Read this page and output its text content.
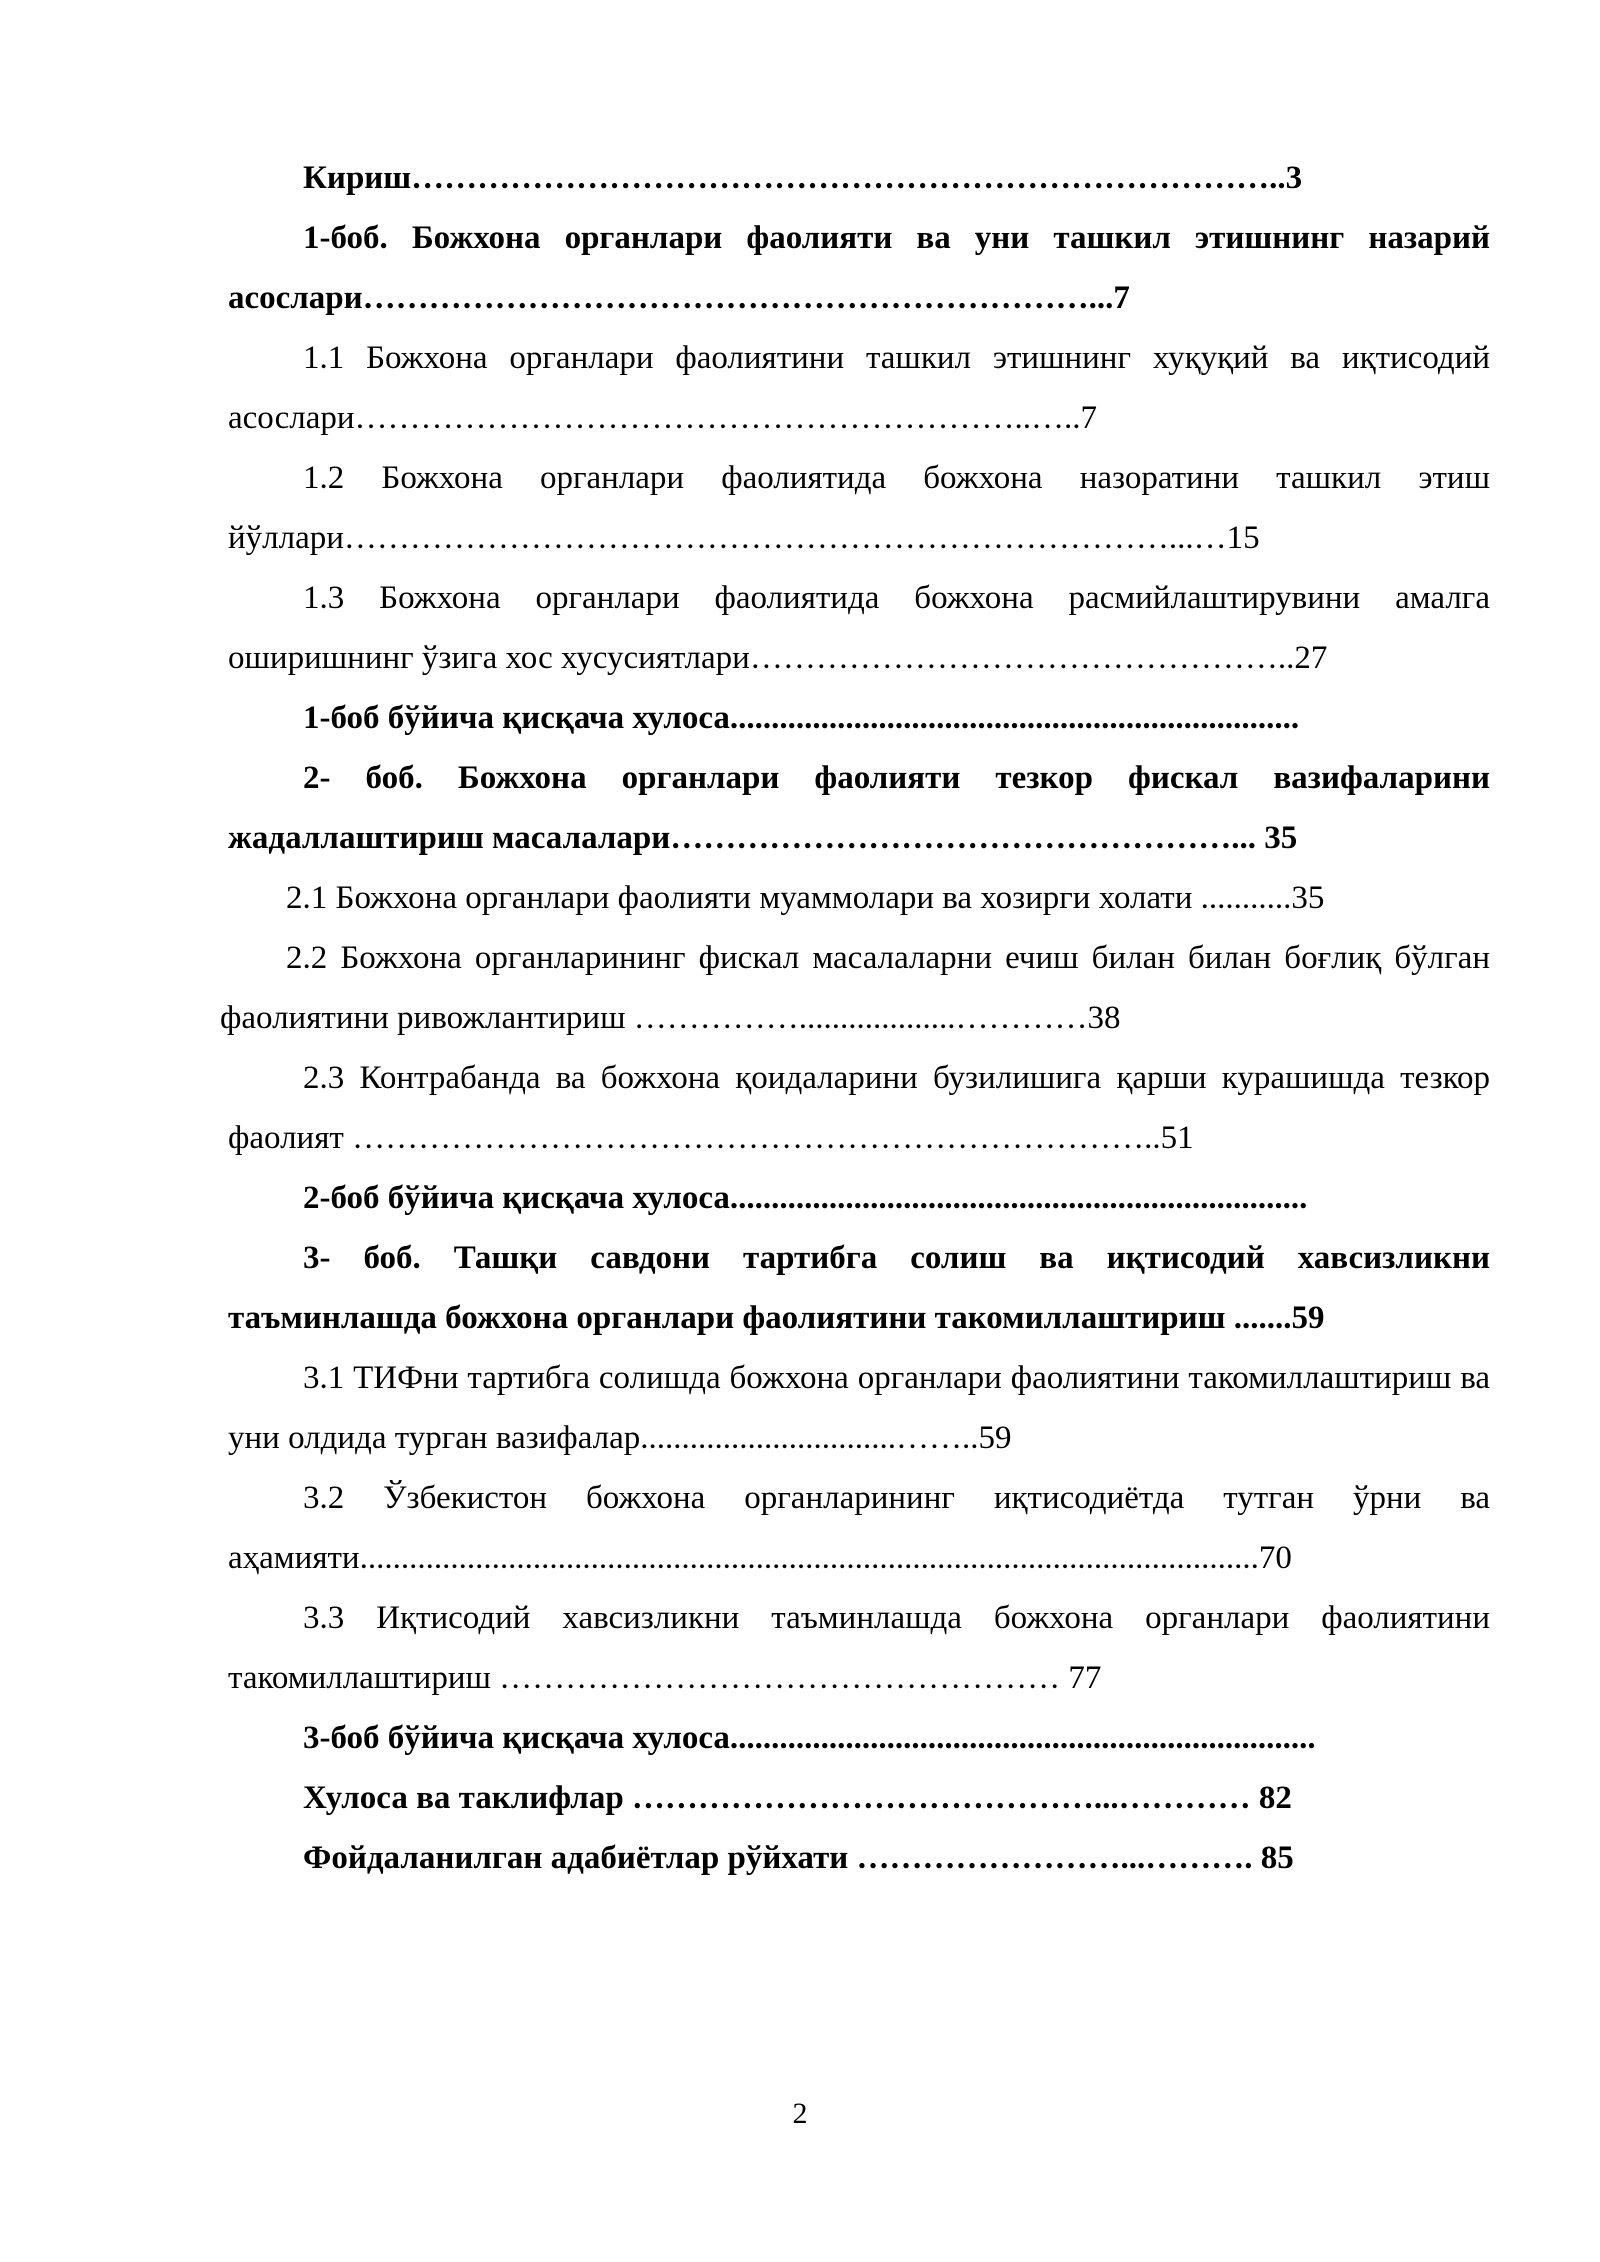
Кириш……………………………………………………………………..3

1-боб. Божхона органлари фаолияти ва уни ташкил этишнинг назарий асослари…………………………………………………………...7

1.1 Божхона органлари фаолиятини ташкил этишнинг хуқуқий ва иқтисодий асослари……………………………………………………..…..7

1.2 Божхона органлари фаолиятида божхона назоратини ташкил этиш йўллари…………………………………………………………………...…15

1.3 Божхона органлари фаолиятида божхона расмийлаштирувини амалга оширишнинг ўзига хос хусусиятлари…………………………………………..27

1-боб бўйича қисқача хулоса.....................................................................

2- боб. Божхона органлари фаолияти тезкор фискал вазифаларини жадаллаштириш масалалари……………………………………………... 35

2.1 Божхона органлари фаолияти муаммолари ва хозирги холати ...........35

2.2 Божхона органларининг фискал масалаларни ечиш билан билан боғлиқ бўлган фаолиятини ривожлантириш ……………...................…………38

2.3 Контрабанда ва божхона қоидаларини бузилишига қарши курашишда тезкор фаолият ………………………………………………………………..51

2-боб бўйича қисқача хулоса......................................................................

3- боб. Ташқи савдони тартибга солиш ва иқтисодий хавсизликни таъминлашда божхона органлари фаолиятини такомиллаштириш .......59

3.1 ТИФни тартибга солишда божхона органлари фаолиятини такомиллаштириш ва уни олдида турган вазифалар...............................……..59

3.2 Ўзбекистон божхона органларининг иқтисодиётда тутган ўрни ва аҳамияти.............................................................................................................70

3.3 Иқтисодий хавсизликни таъминлашда божхона органлари фаолиятини такомиллаштириш …………………………………………… 77

3-боб бўйича қисқача хулоса.......................................................................

Хулоса ва таклифлар ……………………………………...………… 82

Фойдаланилган адабиётлар рўйхати ……………………...………. 85

2
